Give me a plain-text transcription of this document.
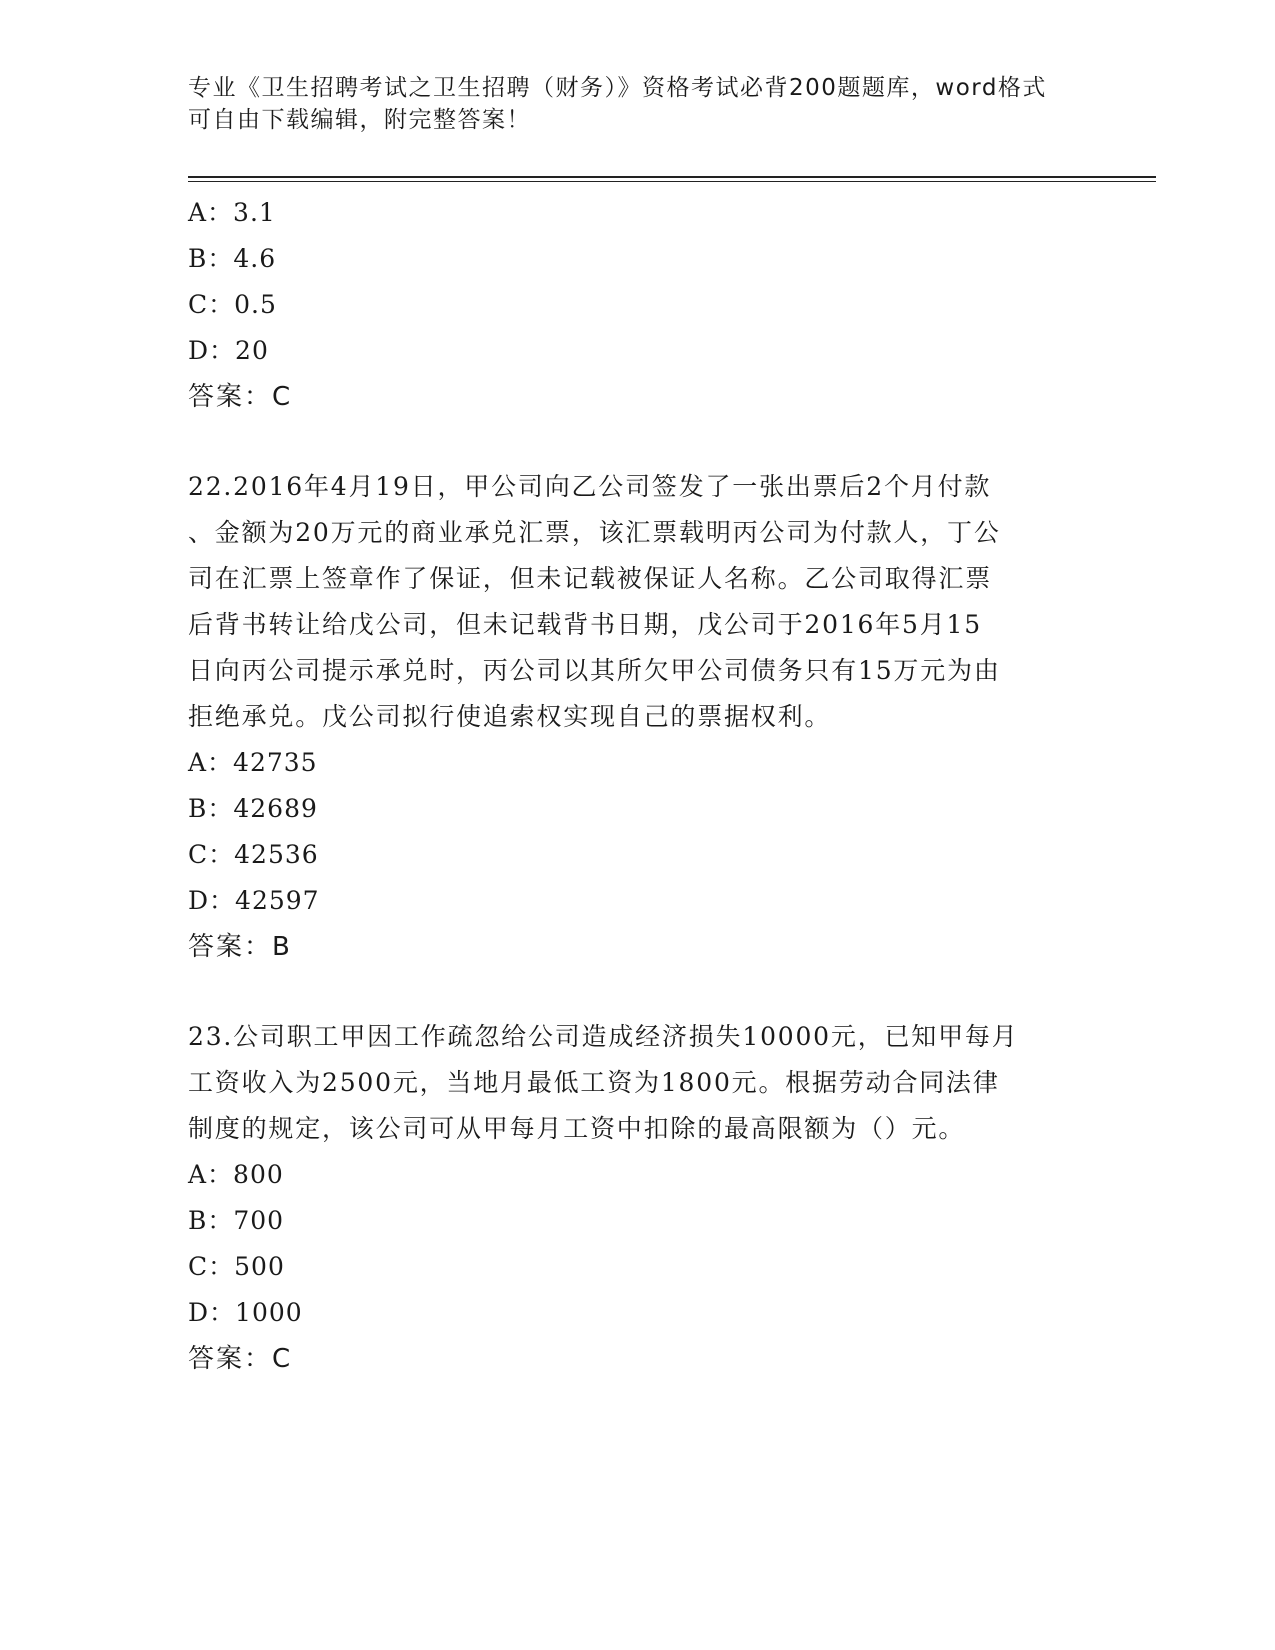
专业《卫生招聘考试之卫生招聘（财务）》资格考试必背200题题库，word格式
可自由下载编辑，附完整答案！
A：3.1
B：4.6
C：0.5
D：20
答案：C
22.2016年4月19日，甲公司向乙公司签发了一张出票后2个月付款
、金额为20万元的商业承兑汇票，该汇票载明丙公司为付款人，丁公
司在汇票上签章作了保证，但未记载被保证人名称。乙公司取得汇票
后背书转让给戊公司，但未记载背书日期，戊公司于2016年5月15
日向丙公司提示承兑时，丙公司以其所欠甲公司债务只有15万元为由
拒绝承兑。戊公司拟行使追索权实现自己的票据权利。
A：42735
B：42689
C：42536
D：42597
答案：B
23.公司职工甲因工作疏忽给公司造成经济损失10000元，已知甲每月
工资收入为2500元，当地月最低工资为1800元。根据劳动合同法律
制度的规定，该公司可从甲每月工资中扣除的最高限额为（）元。
A：800
B：700
C：500
D：1000
答案：C
